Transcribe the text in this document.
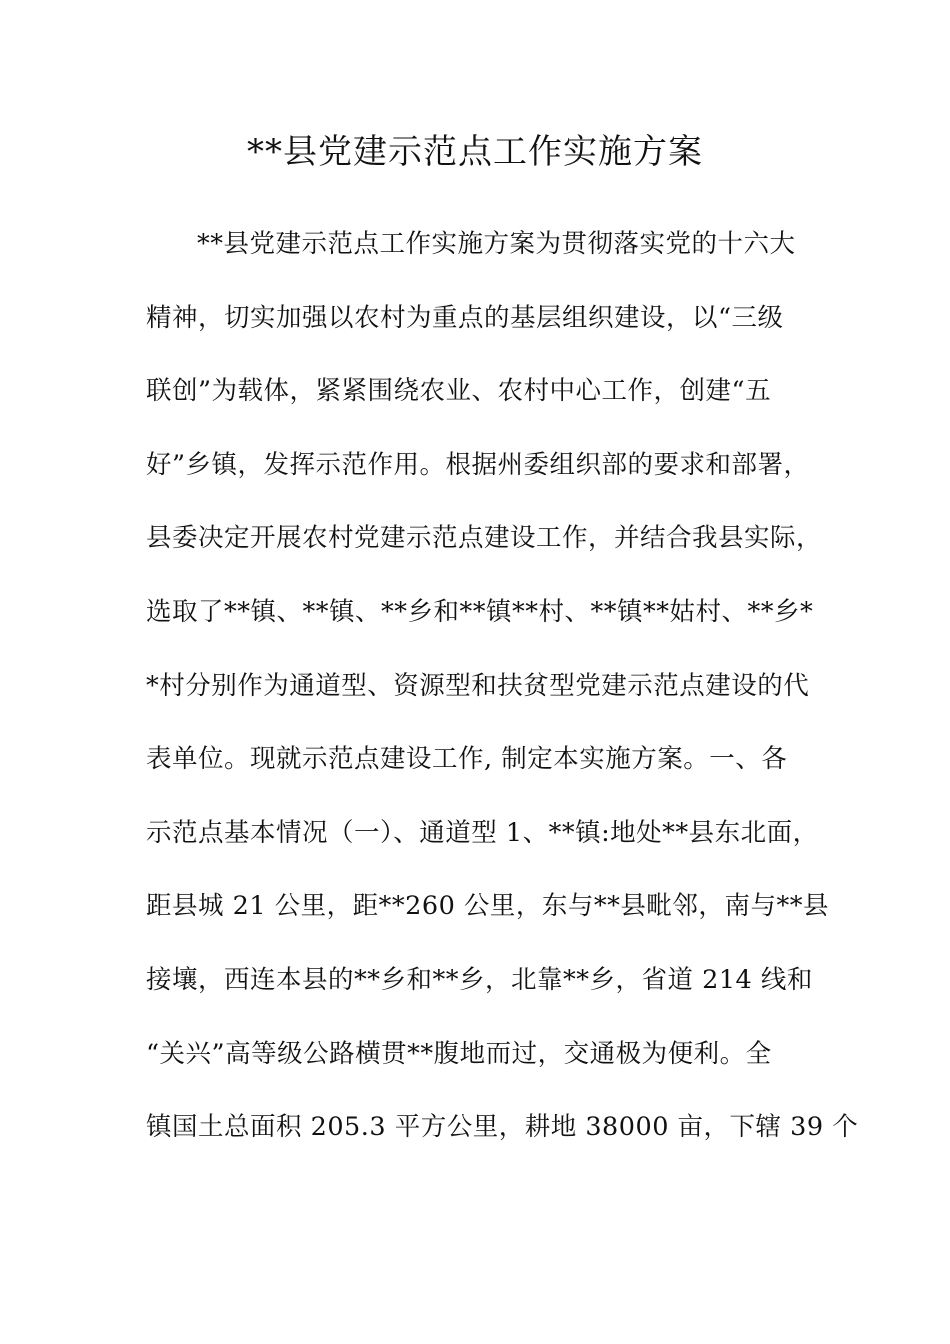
**县党建示范点工作实施方案
**县党建示范点工作实施方案为贯彻落实党的十六大
精神，切实加强以农村为重点的基层组织建设，以“三级
联创”为载体，紧紧围绕农业、农村中心工作，创建“五
好”乡镇，发挥示范作用。根据州委组织部的要求和部署，
县委决定开展农村党建示范点建设工作，并结合我县实际，
选取了**镇、**镇、**乡和**镇**村、**镇**姑村、**乡*
*村分别作为通道型、资源型和扶贫型党建示范点建设的代
表单位。现就示范点建设工作, 制定本实施方案。一、各
示范点基本情况（一）、通道型 1、**镇:地处**县东北面，
距县城 21 公里，距**260 公里，东与**县毗邻，南与**县
接壤，西连本县的**乡和**乡，北靠**乡，省道 214 线和
“关兴”高等级公路横贯**腹地而过，交通极为便利。全
镇国土总面积 205.3 平方公里，耕地 38000 亩，下辖 39 个
